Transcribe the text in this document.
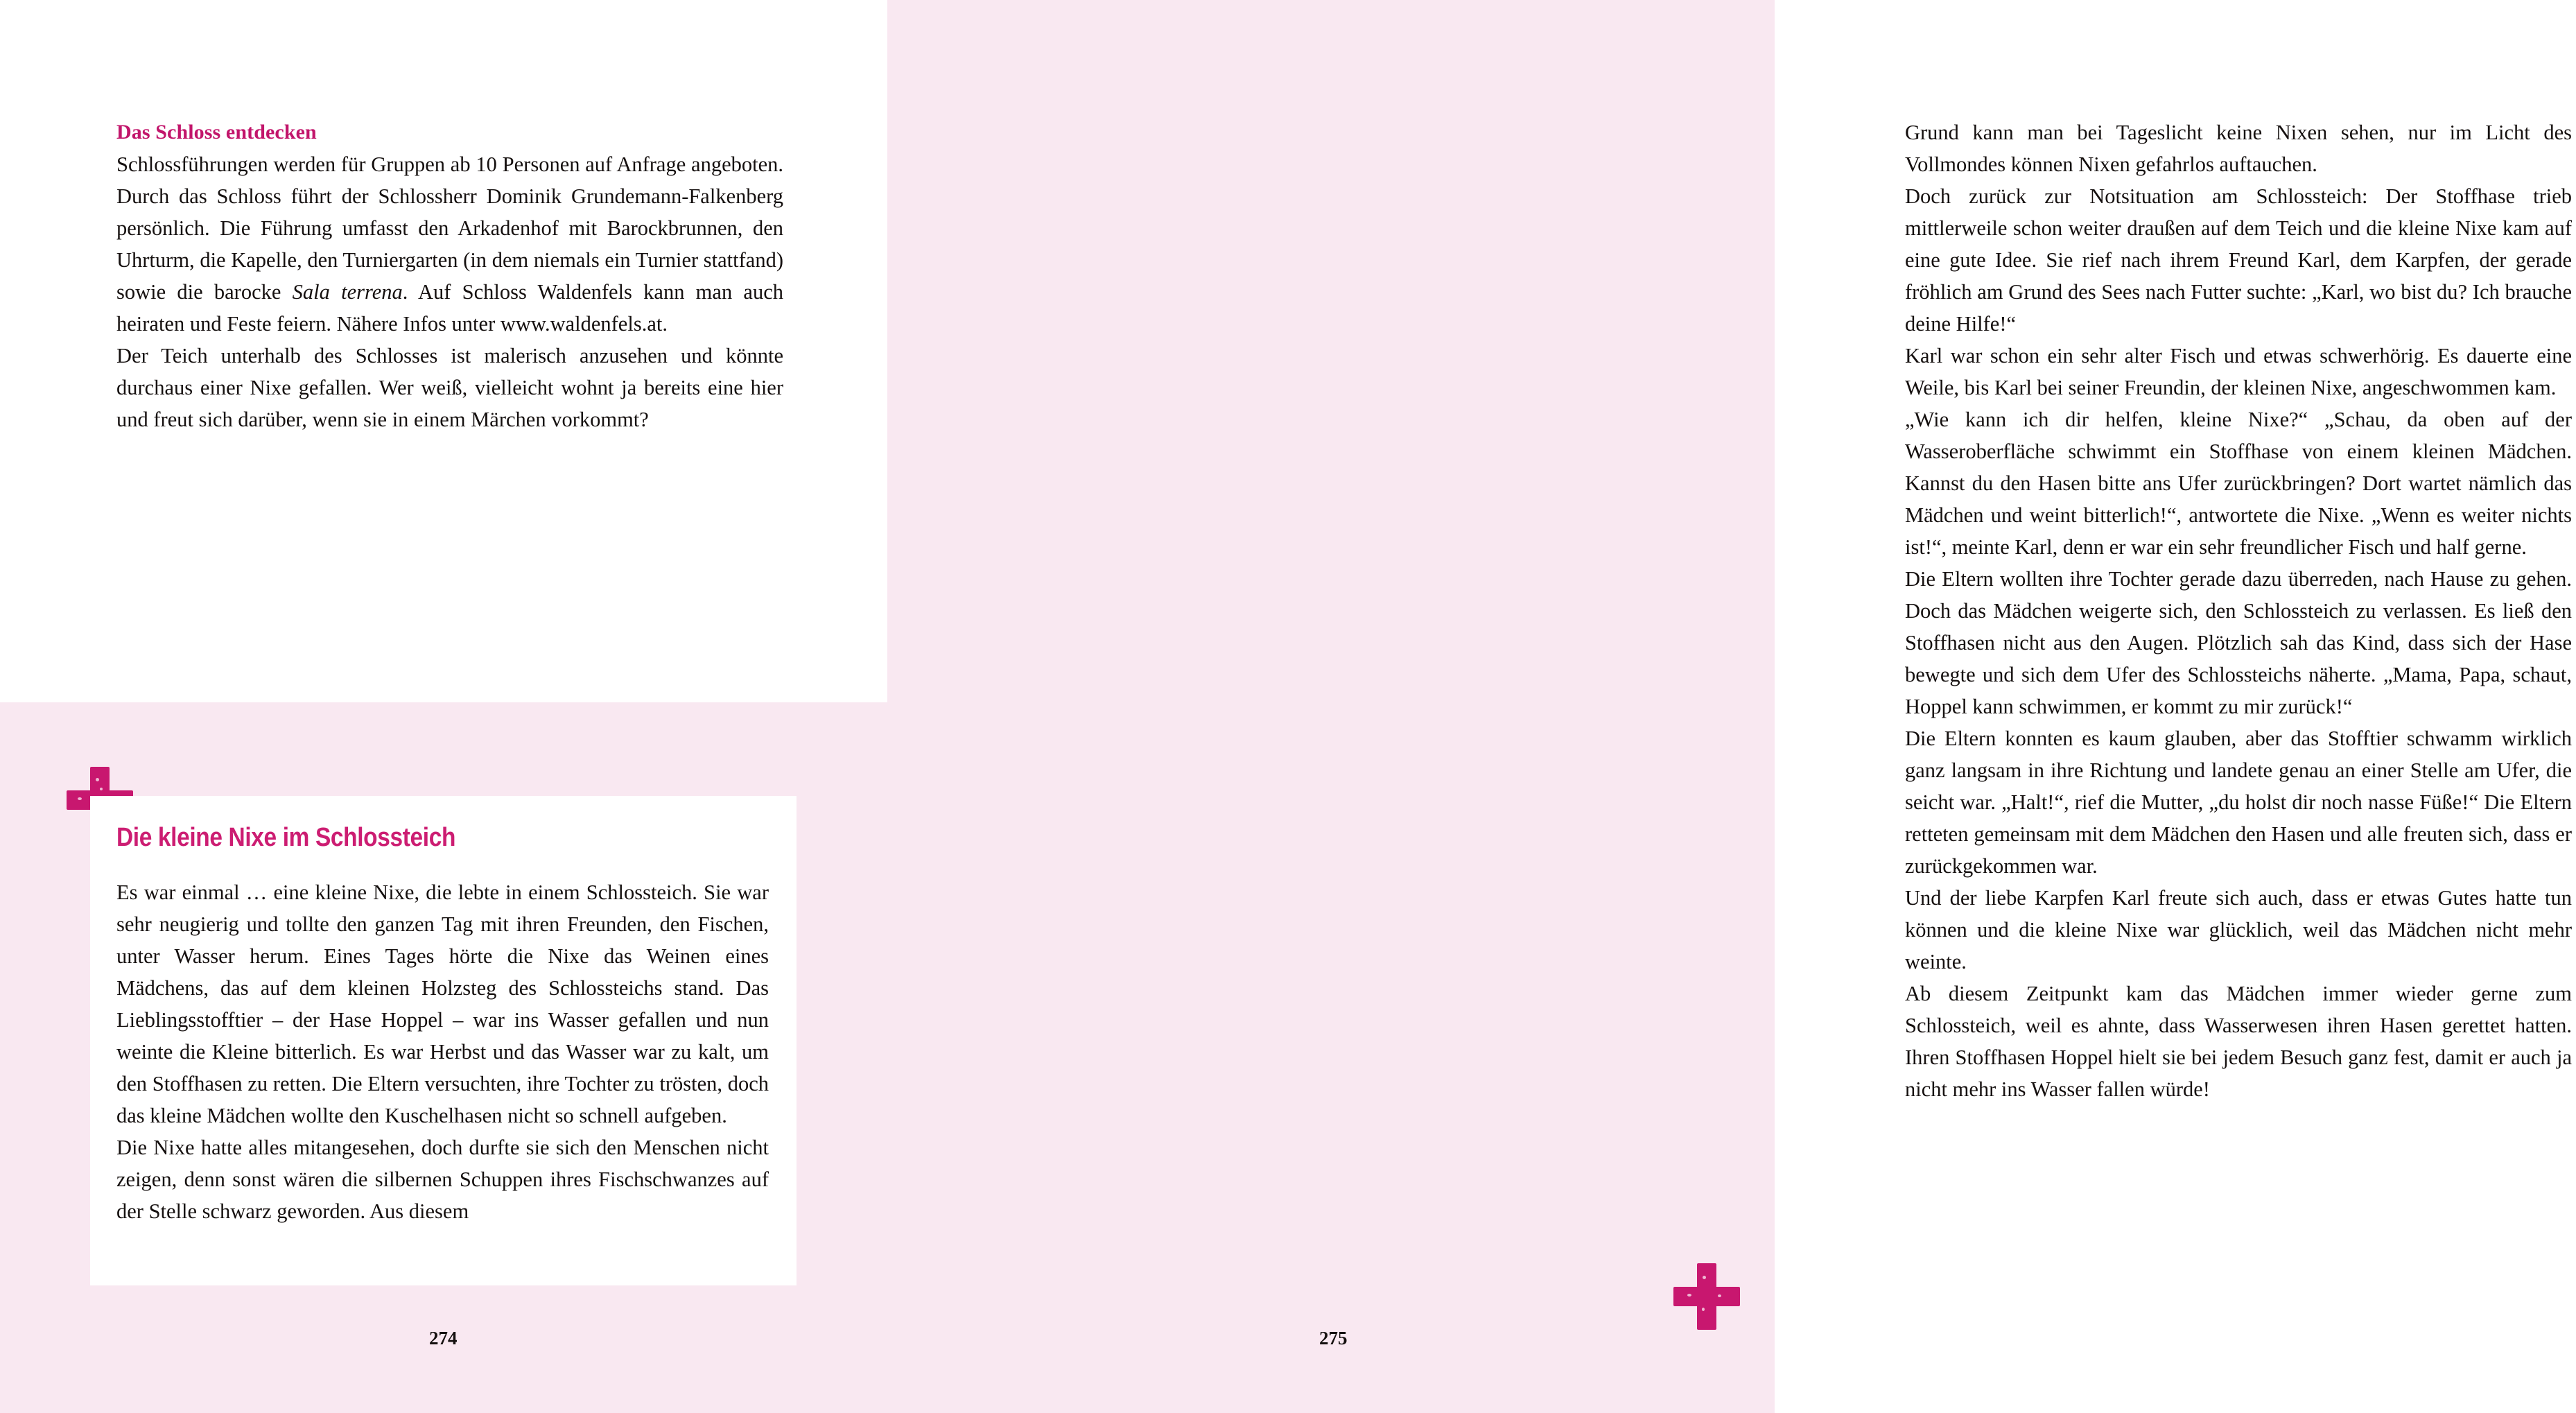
Das Schloss entdecken

Schlossführungen werden für Gruppen ab 10 Personen auf Anfrage angeboten. Durch das Schloss führt der Schlossherr Dominik Grundemann-Falkenberg persönlich. Die Führung umfasst den Arkadenhof mit Barockbrunnen, den Uhrturm, die Kapelle, den Turniergarten (in dem niemals ein Turnier stattfand) sowie die barocke Sala terrena. Auf Schloss Waldenfels kann man auch heiraten und Feste feiern. Nähere Infos unter www.waldenfels.at.

Der Teich unterhalb des Schlosses ist malerisch anzusehen und könnte durchaus einer Nixe gefallen. Wer weiß, vielleicht wohnt ja bereits eine hier und freut sich darüber, wenn sie in einem Märchen vorkommt?

Die kleine Nixe im Schlossteich

Es war einmal … eine kleine Nixe, die lebte in einem Schlossteich. Sie war sehr neugierig und tollte den ganzen Tag mit ihren Freunden, den Fischen, unter Wasser herum. Eines Tages hörte die Nixe das Weinen eines Mädchens, das auf dem kleinen Holzsteg des Schlossteichs stand. Das Lieblingsstofftier – der Hase Hoppel – war ins Wasser gefallen und nun weinte die Kleine bitterlich. Es war Herbst und das Wasser war zu kalt, um den Stoffhasen zu retten. Die Eltern versuchten, ihre Tochter zu trösten, doch das kleine Mädchen wollte den Kuschelhasen nicht so schnell aufgeben.

Die Nixe hatte alles mitangesehen, doch durfte sie sich den Menschen nicht zeigen, denn sonst wären die silbernen Schuppen ihres Fischschwanzes auf der Stelle schwarz geworden. Aus diesem

274

Grund kann man bei Tageslicht keine Nixen sehen, nur im Licht des Vollmondes können Nixen gefahrlos auftauchen.

Doch zurück zur Notsituation am Schlossteich: Der Stoffhase trieb mittlerweile schon weiter draußen auf dem Teich und die kleine Nixe kam auf eine gute Idee. Sie rief nach ihrem Freund Karl, dem Karpfen, der gerade fröhlich am Grund des Sees nach Futter suchte: „Karl, wo bist du? Ich brauche deine Hilfe!“

Karl war schon ein sehr alter Fisch und etwas schwerhörig. Es dauerte eine Weile, bis Karl bei seiner Freundin, der kleinen Nixe, angeschwommen kam.

„Wie kann ich dir helfen, kleine Nixe?“ „Schau, da oben auf der Wasseroberfläche schwimmt ein Stoffhase von einem kleinen Mädchen. Kannst du den Hasen bitte ans Ufer zurückbringen? Dort wartet nämlich das Mädchen und weint bitterlich!“, antwortete die Nixe. „Wenn es weiter nichts ist!“, meinte Karl, denn er war ein sehr freundlicher Fisch und half gerne.

Die Eltern wollten ihre Tochter gerade dazu überreden, nach Hause zu gehen. Doch das Mädchen weigerte sich, den Schlossteich zu verlassen. Es ließ den Stoffhasen nicht aus den Augen. Plötzlich sah das Kind, dass sich der Hase bewegte und sich dem Ufer des Schlossteichs näherte. „Mama, Papa, schaut, Hoppel kann schwimmen, er kommt zu mir zurück!“

Die Eltern konnten es kaum glauben, aber das Stofftier schwamm wirklich ganz langsam in ihre Richtung und landete genau an einer Stelle am Ufer, die seicht war. „Halt!“, rief die Mutter, „du holst dir noch nasse Füße!“ Die Eltern retteten gemeinsam mit dem Mädchen den Hasen und alle freuten sich, dass er zurückgekommen war.

Und der liebe Karpfen Karl freute sich auch, dass er etwas Gutes hatte tun können und die kleine Nixe war glücklich, weil das Mädchen nicht mehr weinte.

Ab diesem Zeitpunkt kam das Mädchen immer wieder gerne zum Schlossteich, weil es ahnte, dass Wasserwesen ihren Hasen gerettet hatten. Ihren Stoffhasen Hoppel hielt sie bei jedem Besuch ganz fest, damit er auch ja nicht mehr ins Wasser fallen würde!

275
